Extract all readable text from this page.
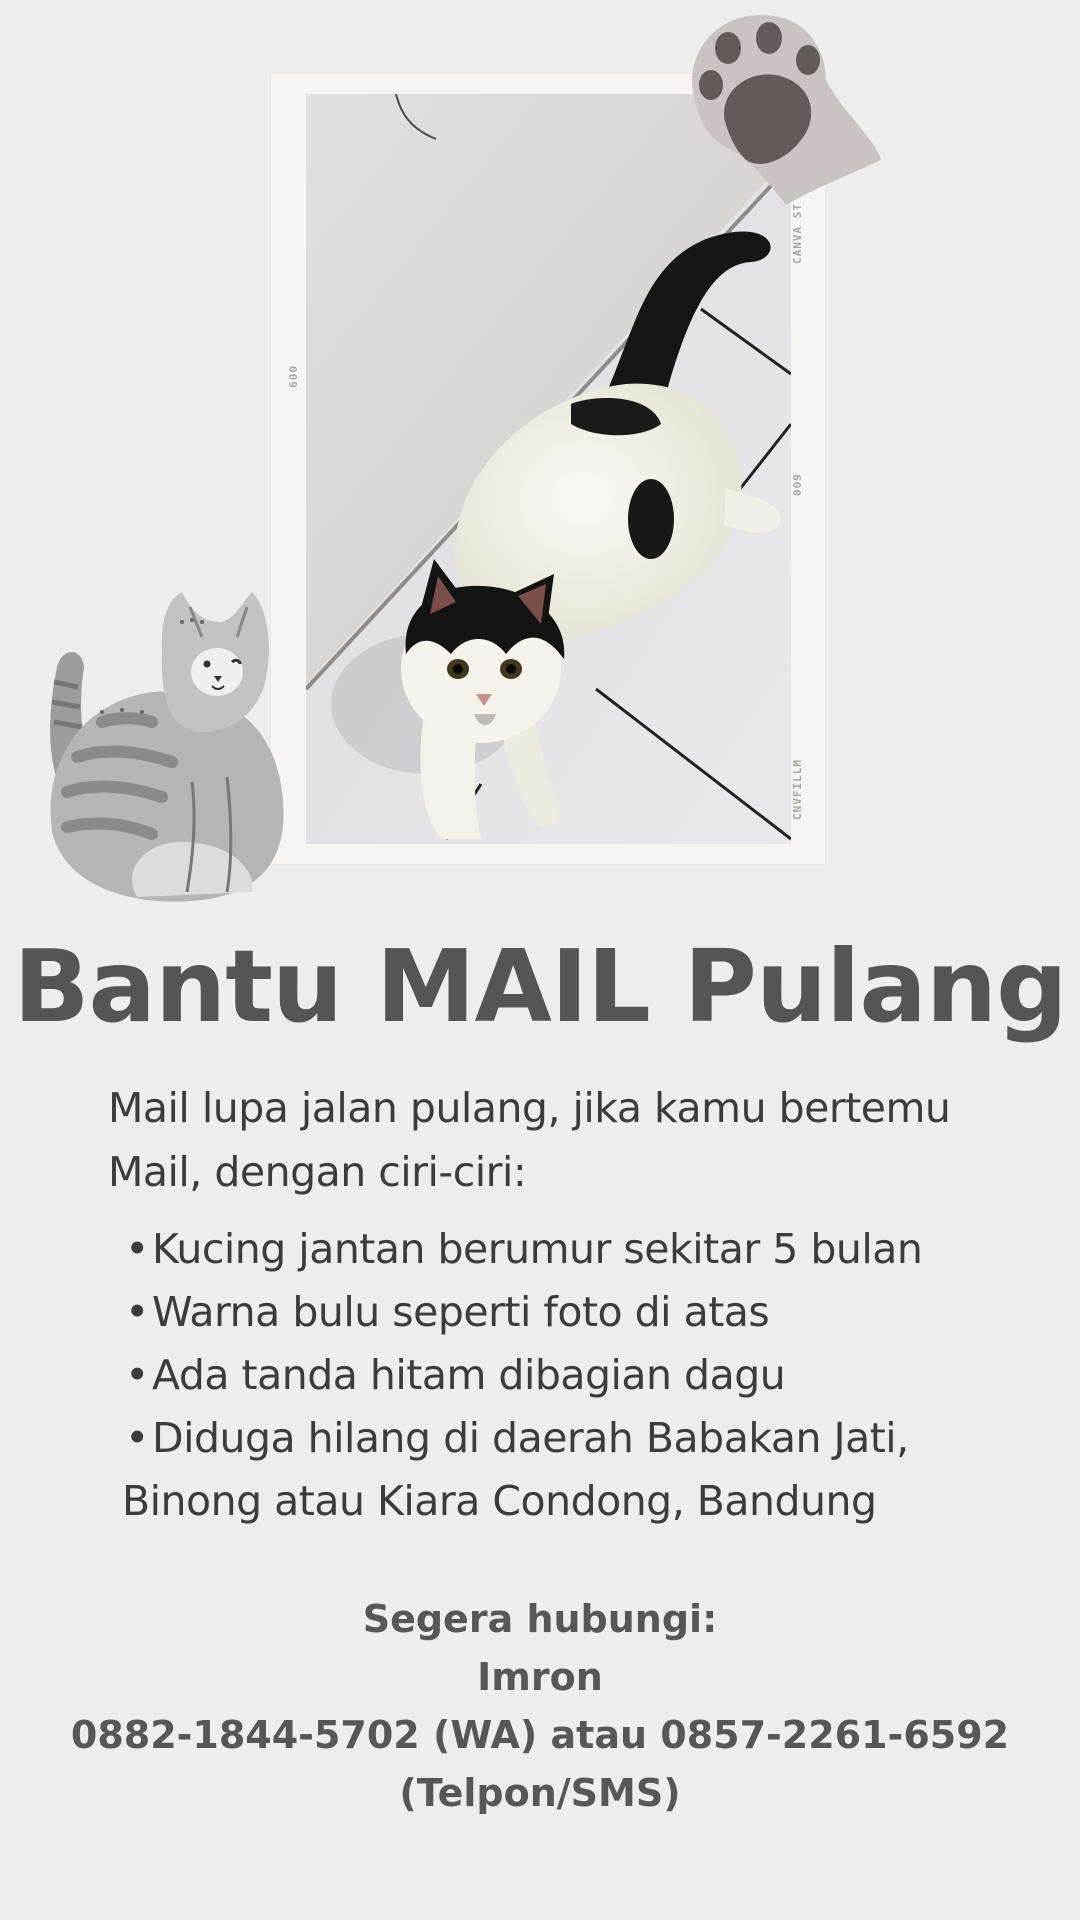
009
CANVA ST
009
CNVFILLM
Bantu MAIL Pulang
Mail lupa jalan pulang, jika kamu bertemu
Mail, dengan ciri-ciri:
•Kucing jantan berumur sekitar 5 bulan
•Warna bulu seperti foto di atas
•Ada tanda hitam dibagian dagu
•Diduga hilang di daerah Babakan Jati,
Binong atau Kiara Condong, Bandung
Segera hubungi:
Imron
0882-1844-5702 (WA) atau 0857-2261-6592
(Telpon/SMS)
